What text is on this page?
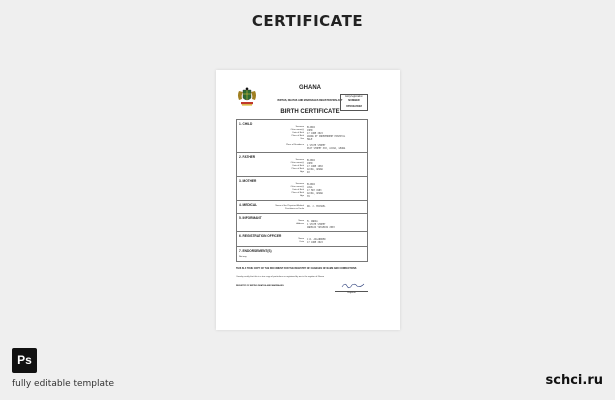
CERTIFICATE
GHANA
BIRTHS, DEATHS AND MARRIAGES REGISTRATION ACT
BIRTH CERTIFICATE
Entry/registration
NUMBER
07001/2022
1. CHILD
Surname	ELIKPA
Other name(s)	JOHN
Date of Birth	17 JUNE 2022
Place of Birth	GHANA OF INDEPENDENT HOSPITAL
Sex	MALE
Place of Residence	1 STATE STREET
PLOT STREET XXX, ACCRA, GHANA
2. FATHER
Surname	ELIKPA
Other name(s)	JOHN
Date of Birth	17 JUNE 1982
Place of Birth	ACCRA, GHANA
Age	40
3. MOTHER
Surname	ELIKPA
Other name(s)	LUSA
Date of Birth	17 MAY 1983
Place of Birth	ACCRA, GHANA
Age	39
4. MEDICAL	Name of the Physician/Medical	DR. J. MICHAEL
Practitioner or Doula
5. INFORMANT
Name	M. ANDSA
Address	1 STATE STREET
ANDELOS YUSSERIS 2003
6. REGISTRATION OFFICER
Name	J.R. ASLANDREW
Date	17 JUNE 2022
7. ENDORSEMENT(S)
Not any
THIS IS A TRUE COPY OF THE DOCUMENT FOR THE REGISTRY OF CHANGES OF NAME AND CORRECTIONS
I hereby certify that this is a true copy of particulars as registered by me in the register of Ghana
REGISTRY OF BIRTHS DEATHS AND MARRIAGES
Registrar
Ps
fully editable template	schci.ru
